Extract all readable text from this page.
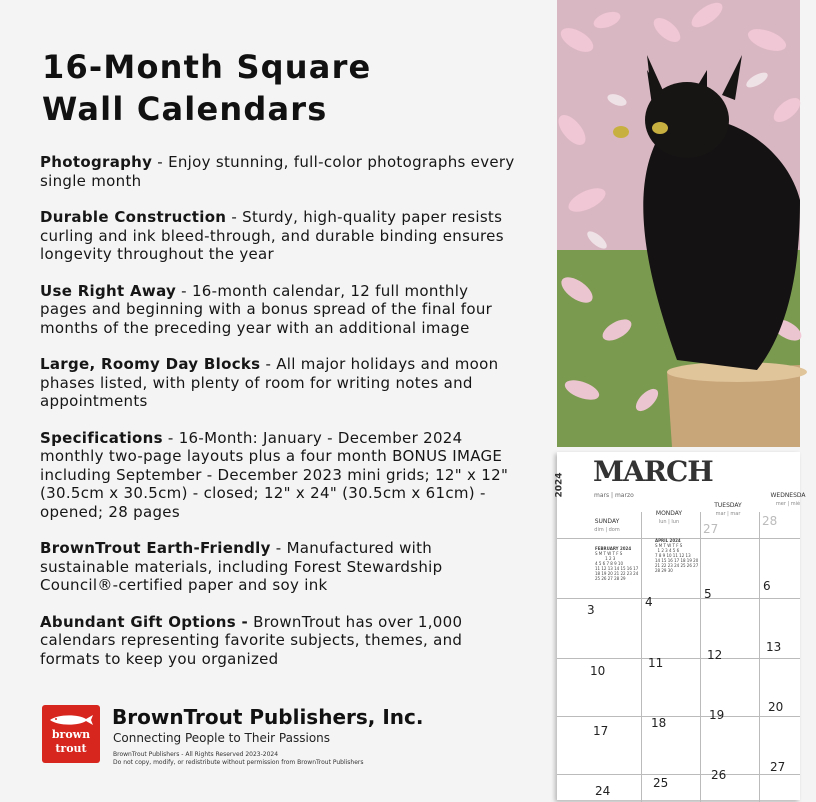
16-Month Square
Wall Calendars

Photography - Enjoy stunning, full-color photographs every single month

Durable Construction - Sturdy, high-quality paper resists curling and ink bleed-through, and durable binding ensures longevity throughout the year

Use Right Away - 16-month calendar, 12 full monthly pages and beginning with a bonus spread of the final four months of the preceding year with an additional image

Large, Roomy Day Blocks - All major holidays and moon phases listed, with plenty of room for writing notes and appointments

Specifications - 16-Month: January - December 2024 monthly two-page layouts plus a four month BONUS IMAGE including September - December 2023 mini grids; 12" x 12" (30.5cm x 30.5cm) - closed; 12" x 24" (30.5cm x 61cm) - opened; 28 pages

BrownTrout Earth-Friendly - Manufactured with sustainable materials, including Forest Stewardship Council®-certified paper and soy ink

Abundant Gift Options - BrownTrout has over 1,000 calendars representing favorite subjects, themes, and formats to keep you organized

brown
trout
BrownTrout Publishers, Inc.
Connecting People to Their Passions
BrownTrout Publishers - All Rights Reserved 2023-2024
Do not copy, modify, or redistribute without permission from BrownTrout Publishers
2024 MARCH
mars | marzo
SUNDAY
dim | dom
MONDAY
lun | lun
TUESDAY
mar | mar
WEDNESDA
mer | mié
FEBRUARY 2024
S M T W T F S
1 2 3
4 5 6 7 8 9 10
11 12 13 14 15 16 17
18 19 20 21 22 23 24
25 26 27 28 29
APRIL 2024
S M T W T F S
1 2 3 4 5 6
7 8 9 10 11 12 13
14 15 16 17 18 19 20
21 22 23 24 25 26 27
28 29 30
27
28
3
4
5
6
10
11
12
13
17
18
19
20
24
25
26
27
